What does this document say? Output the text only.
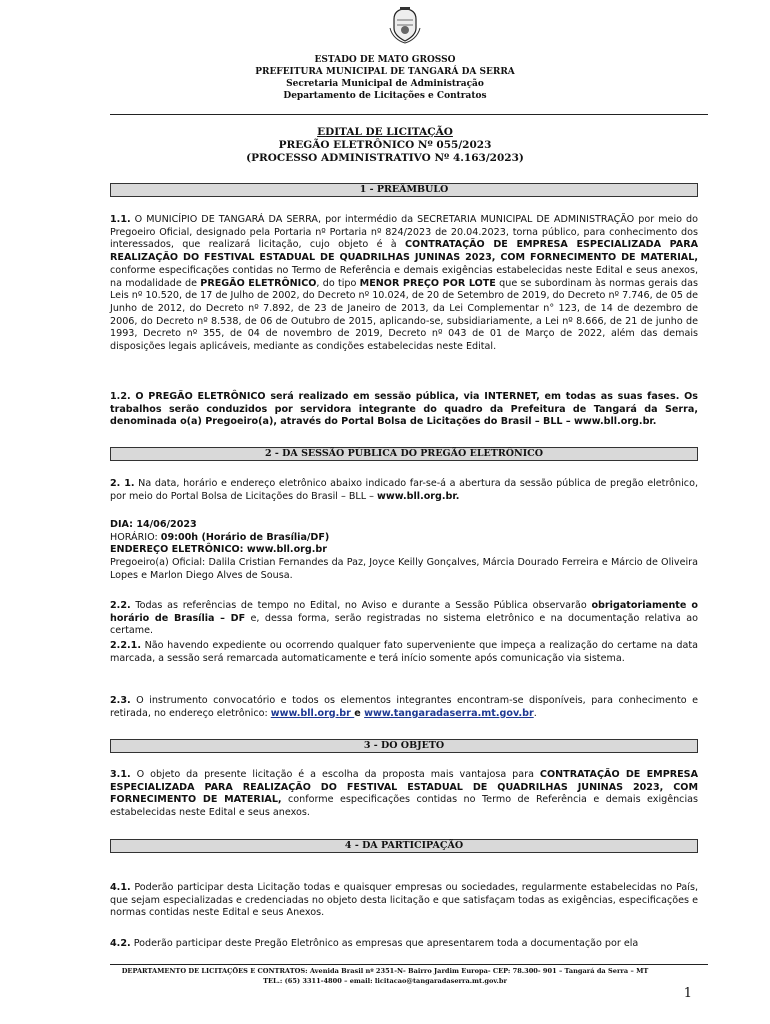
ESTADO DE MATO GROSSO
PREFEITURA MUNICIPAL DE TANGARÁ DA SERRA
Secretaria Municipal de Administração
Departamento de Licitações e Contratos
EDITAL DE LICITAÇÃO
PREGÃO ELETRÔNICO Nº 055/2023
(PROCESSO ADMINISTRATIVO Nº 4.163/2023)
1 - PREÂMBULO

1.1. O MUNICÍPIO DE TANGARÁ DA SERRA, por intermédio da SECRETARIA MUNICIPAL DE ADMINISTRAÇÃO por meio do Pregoeiro Oficial, designado pela Portaria nº Portaria nº 824/2023 de 20.04.2023, torna público, para conhecimento dos interessados, que realizará licitação, cujo objeto é à CONTRATAÇÃO DE EMPRESA ESPECIALIZADA PARA REALIZAÇÃO DO FESTIVAL ESTADUAL DE QUADRILHAS JUNINAS 2023, COM FORNECIMENTO DE MATERIAL, conforme especificações contidas no Termo de Referência e demais exigências estabelecidas neste Edital e seus anexos, na modalidade de PREGÃO ELETRÔNICO, do tipo MENOR PREÇO POR LOTE que se subordinam às normas gerais das Leis nº 10.520, de 17 de Julho de 2002, do Decreto nº 10.024, de 20 de Setembro de 2019, do Decreto nº 7.746, de 05 de Junho de 2012, do Decreto nº 7.892, de 23 de Janeiro de 2013, da Lei Complementar n° 123, de 14 de dezembro de 2006, do Decreto nº 8.538, de 06 de Outubro de 2015, aplicando-se, subsidiariamente, a Lei nº 8.666, de 21 de junho de 1993, Decreto nº 355, de 04 de novembro de 2019, Decreto nº 043 de 01 de Março de 2022, além das demais disposições legais aplicáveis, mediante as condições estabelecidas neste Edital.

1.2. O PREGÃO ELETRÔNICO será realizado em sessão pública, via INTERNET, em todas as suas fases. Os trabalhos serão conduzidos por servidora integrante do quadro da Prefeitura de Tangará da Serra, denominada o(a) Pregoeiro(a), através do Portal Bolsa de Licitações do Brasil – BLL – www.bll.org.br.

2 - DA SESSÃO PÚBLICA DO PREGÃO ELETRÔNICO

2. 1. Na data, horário e endereço eletrônico abaixo indicado far-se-á a abertura da sessão pública de pregão eletrônico, por meio do Portal Bolsa de Licitações do Brasil – BLL – www.bll.org.br.

DIA: 14/06/2023
HORÁRIO: 09:00h (Horário de Brasília/DF)
ENDEREÇO ELETRÔNICO: www.bll.org.br
Pregoeiro(a) Oficial: Dalila Cristian Fernandes da Paz, Joyce Keilly Gonçalves, Márcia Dourado Ferreira e Márcio de Oliveira Lopes e Marlon Diego Alves de Sousa.

2.2. Todas as referências de tempo no Edital, no Aviso e durante a Sessão Pública observarão obrigatoriamente o horário de Brasília – DF e, dessa forma, serão registradas no sistema eletrônico e na documentação relativa ao certame.

2.2.1. Não havendo expediente ou ocorrendo qualquer fato superveniente que impeça a realização do certame na data marcada, a sessão será remarcada automaticamente e terá início somente após comunicação via sistema.

2.3. O instrumento convocatório e todos os elementos integrantes encontram-se disponíveis, para conhecimento e retirada, no endereço eletrônico: www.bll.org.br e www.tangaradaserra.mt.gov.br.

3 - DO OBJETO

3.1. O objeto da presente licitação é a escolha da proposta mais vantajosa para CONTRATAÇÃO DE EMPRESA ESPECIALIZADA PARA REALIZAÇÃO DO FESTIVAL ESTADUAL DE QUADRILHAS JUNINAS 2023, COM FORNECIMENTO DE MATERIAL, conforme especificações contidas no Termo de Referência e demais exigências estabelecidas neste Edital e seus anexos.

4 - DA PARTICIPAÇÃO

4.1. Poderão participar desta Licitação todas e quaisquer empresas ou sociedades, regularmente estabelecidas no País, que sejam especializadas e credenciadas no objeto desta licitação e que satisfaçam todas as exigências, especificações e normas contidas neste Edital e seus Anexos.

4.2. Poderão participar deste Pregão Eletrônico as empresas que apresentarem toda a documentação por ela

DEPARTAMENTO DE LICITAÇÕES E CONTRATOS: Avenida Brasil nº 2351-N- Bairro Jardim Europa- CEP: 78.300- 901 – Tangará da Serra – MT
TEL.: (65) 3311-4800 – email: licitacao@tangaradaserra.mt.gov.br
1
